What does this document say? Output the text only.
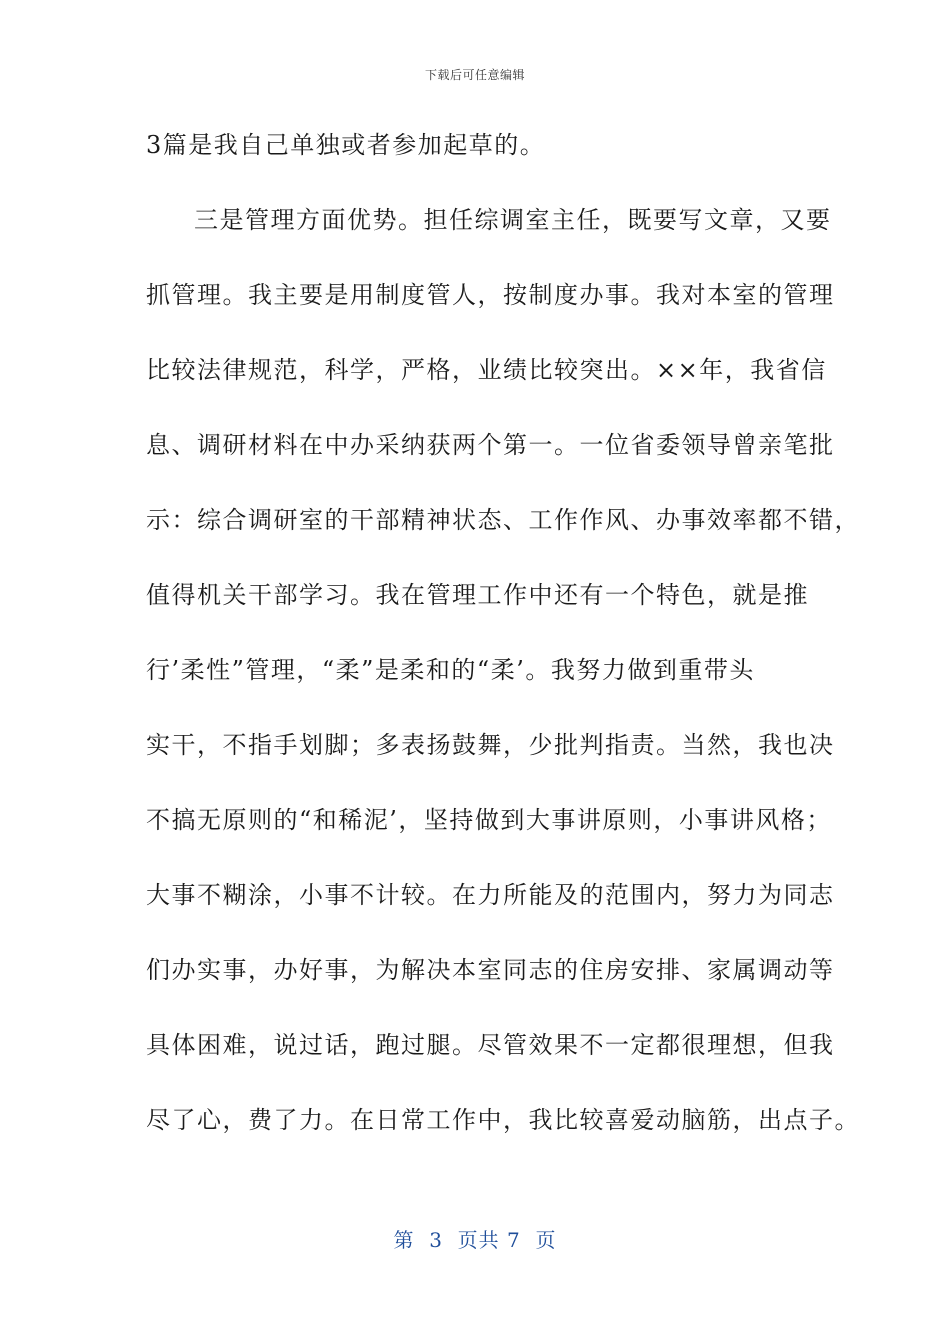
下载后可任意编辑
3篇是我自己单独或者参加起草的。
三是管理方面优势。担任综调室主任，既要写文章，又要
抓管理。我主要是用制度管人，按制度办事。我对本室的管理
比较法律规范，科学，严格，业绩比较突出。××年，我省信
息、调研材料在中办采纳获两个第一。一位省委领导曾亲笔批
示：综合调研室的干部精神状态、工作作风、办事效率都不错，
值得机关干部学习。我在管理工作中还有一个特色，就是推
行’柔性”管理，“柔”是柔和的“柔’。我努力做到重带头
实干，不指手划脚；多表扬鼓舞，少批判指责。当然，我也决
不搞无原则的“和稀泥’，坚持做到大事讲原则，小事讲风格；
大事不糊涂，小事不计较。在力所能及的范围内，努力为同志
们办实事，办好事，为解决本室同志的住房安排、家属调动等
具体困难，说过话，跑过腿。尽管效果不一定都很理想，但我
尽了心，费了力。在日常工作中，我比较喜爱动脑筋，出点子。
第  3  页共 7  页
